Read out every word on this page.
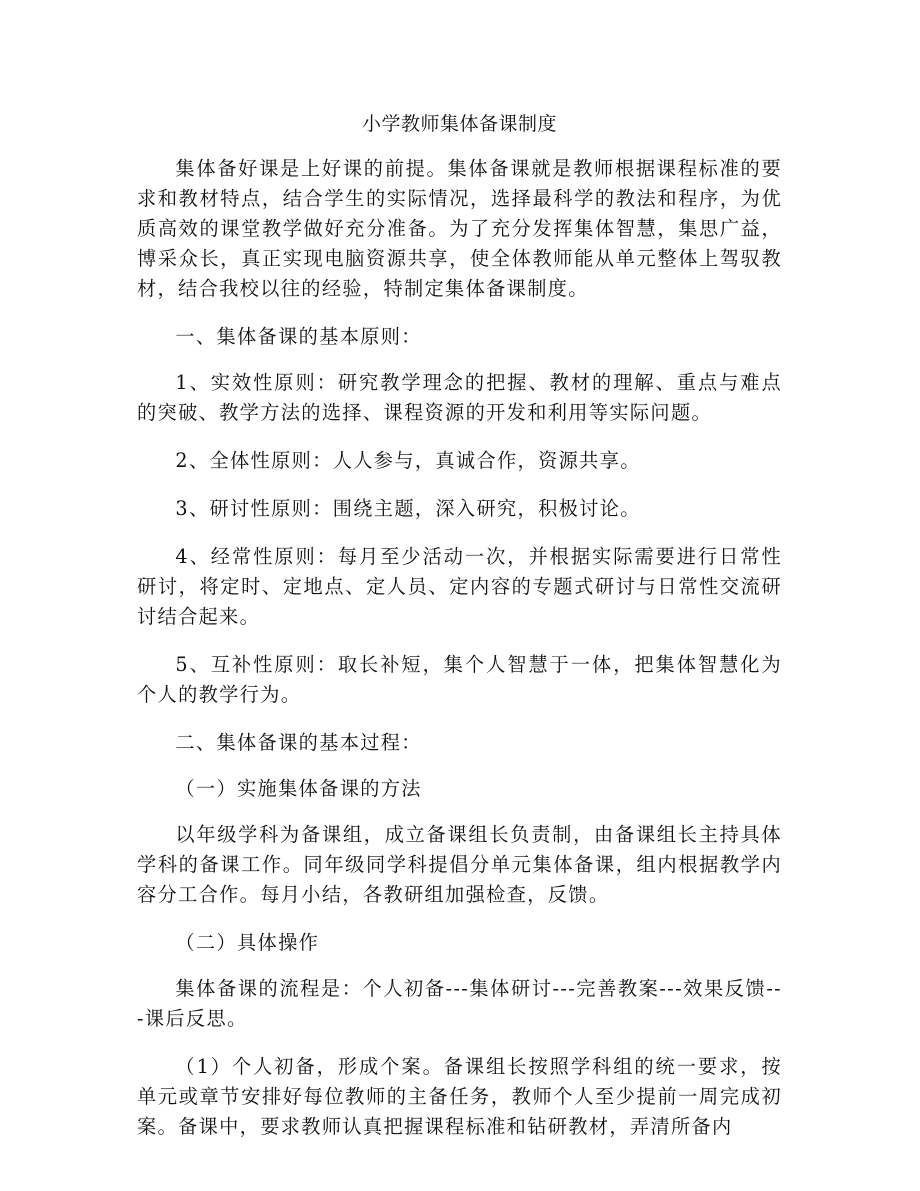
小学教师集体备课制度

集体备好课是上好课的前提。集体备课就是教师根据课程标准的要求和教材特点，结合学生的实际情况，选择最科学的教法和程序，为优质高效的课堂教学做好充分准备。为了充分发挥集体智慧，集思广益，博采众长，真正实现电脑资源共享，使全体教师能从单元整体上驾驭教材，结合我校以往的经验，特制定集体备课制度。

一、集体备课的基本原则：

1、实效性原则：研究教学理念的把握、教材的理解、重点与难点的突破、教学方法的选择、课程资源的开发和利用等实际问题。

2、全体性原则：人人参与，真诚合作，资源共享。

3、研讨性原则：围绕主题，深入研究，积极讨论。

4、经常性原则：每月至少活动一次，并根据实际需要进行日常性研讨，将定时、定地点、定人员、定内容的专题式研讨与日常性交流研讨结合起来。

5、互补性原则：取长补短，集个人智慧于一体，把集体智慧化为个人的教学行为。

二、集体备课的基本过程：

（一）实施集体备课的方法

以年级学科为备课组，成立备课组长负责制，由备课组长主持具体学科的备课工作。同年级同学科提倡分单元集体备课，组内根据教学内容分工合作。每月小结，各教研组加强检查，反馈。

（二）具体操作

集体备课的流程是：个人初备---集体研讨---完善教案---效果反馈---课后反思。

（1）个人初备，形成个案。备课组长按照学科组的统一要求，按单元或章节安排好每位教师的主备任务，教师个人至少提前一周完成初案。备课中，要求教师认真把握课程标准和钻研教材，弄清所备内
